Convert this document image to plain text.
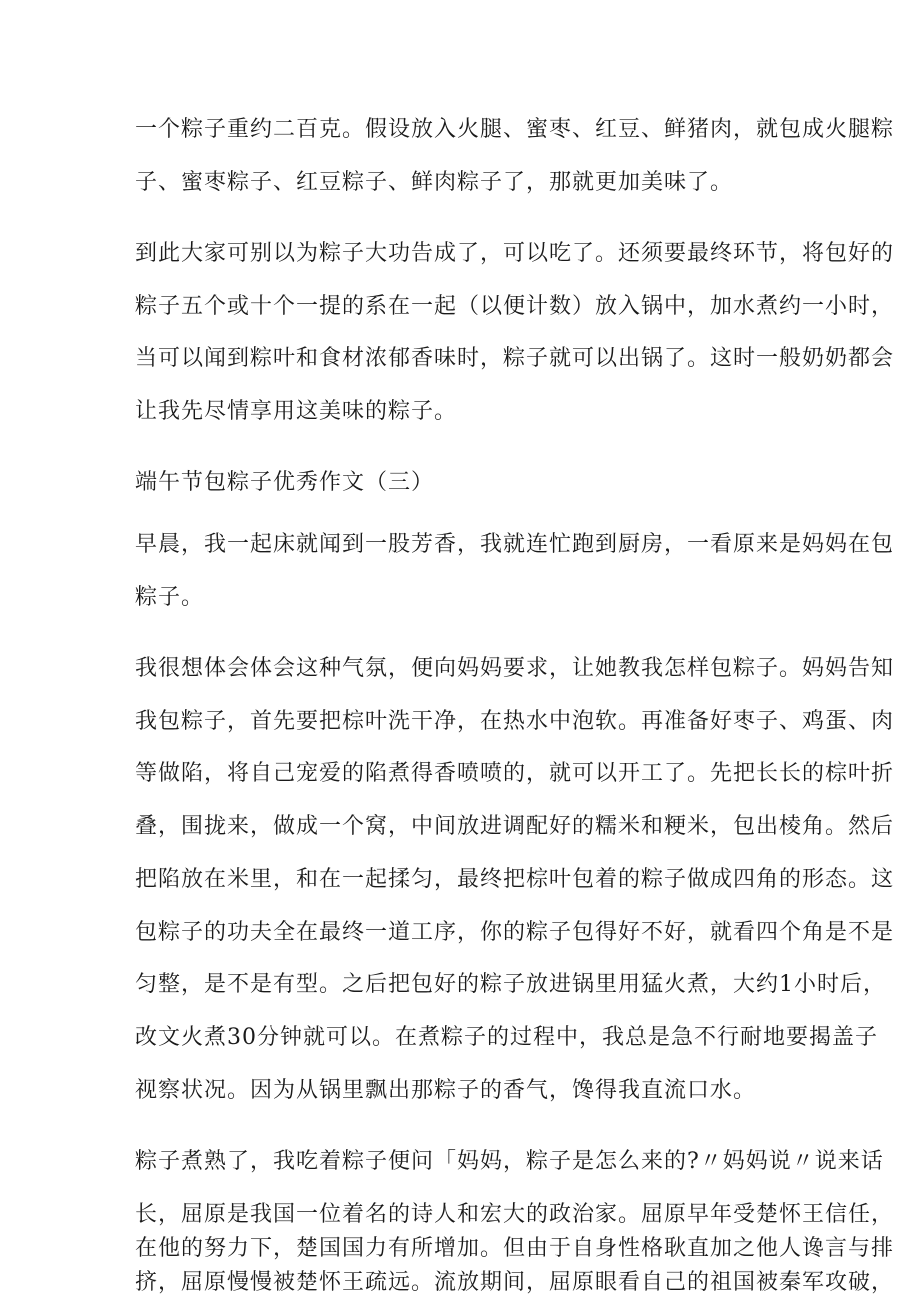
一个粽子重约二百克。假设放入火腿、蜜枣、红豆、鲜猪肉，就包成火腿粽
子、蜜枣粽子、红豆粽子、鲜肉粽子了，那就更加美味了。
到此大家可别以为粽子大功告成了，可以吃了。还须要最终环节，将包好的
粽子五个或十个一提的系在一起（以便计数）放入锅中，加水煮约一小时，
当可以闻到粽叶和食材浓郁香味时，粽子就可以出锅了。这时一般奶奶都会
让我先尽情享用这美味的粽子。
端午节包粽子优秀作文（三）
早晨，我一起床就闻到一股芳香，我就连忙跑到厨房，一看原来是妈妈在包
粽子。
我很想体会体会这种气氛，便向妈妈要求，让她教我怎样包粽子。妈妈告知
我包粽子，首先要把棕叶洗干净，在热水中泡软。再准备好枣子、鸡蛋、肉
等做陷，将自己宠爱的陷煮得香喷喷的，就可以开工了。先把长长的棕叶折
叠，围拢来，做成一个窝，中间放进调配好的糯米和粳米，包出棱角。然后
把陷放在米里，和在一起揉匀，最终把棕叶包着的粽子做成四角的形态。这
包粽子的功夫全在最终一道工序，你的粽子包得好不好，就看四个角是不是
匀整，是不是有型。之后把包好的粽子放进锅里用猛火煮，大约1小时后，
改文火煮30分钟就可以。在煮粽子的过程中，我总是急不行耐地要揭盖子
视察状况。因为从锅里飘出那粽子的香气，馋得我直流口水。
粽子煮熟了，我吃着粽子便问「妈妈，粽子是怎么来的?〃妈妈说〃说来话
长，屈原是我国一位着名的诗人和宏大的政治家。屈原早年受楚怀王信任，
在他的努力下，楚国国力有所增加。但由于自身性格耿直加之他人谗言与排
挤，屈原慢慢被楚怀王疏远。流放期间，屈原眼看自己的祖国被秦军攻破，
